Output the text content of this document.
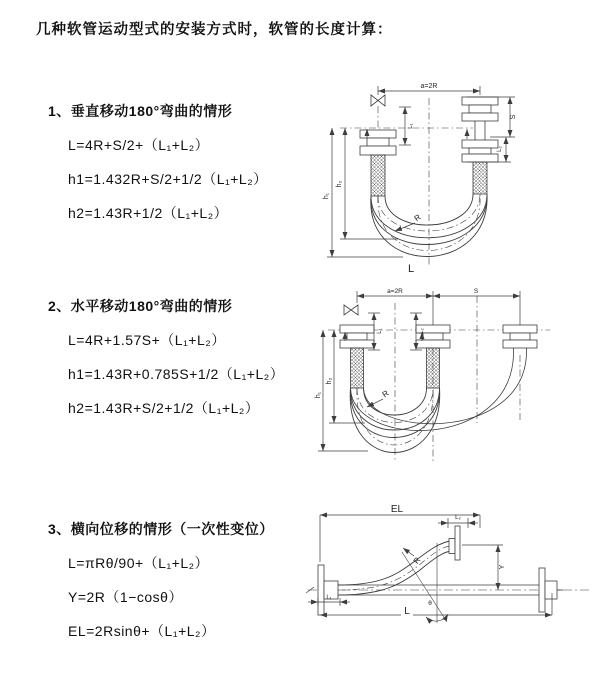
几种软管运动型式的安装方式时，软管的长度计算：
1、垂直移动180°弯曲的情形
L=4R+S/2+（L₁+L₂）
h1=1.432R+S/2+1/2（L₁+L₂）
h2=1.43R+1/2（L₁+L₂）
a=2R
h₁
h₂
L₁
S
L₂
R
L
2、水平移动180°弯曲的情形
L=4R+1.57S+（L₁+L₂）
h1=1.43R+0.785S+1/2（L₁+L₂）
h2=1.43R+S/2+1/2（L₁+L₂）
a=2R	S
h₁
h₂
L₁	L₂
R
3、横向位移的情形（一次性变位）
L=πRθ/90+（L₁+L₂）
Y=2R（1−cosθ）
EL=2Rsinθ+（L₁+L₂）
θ
R
EL
L₂
Y
L
L₁
